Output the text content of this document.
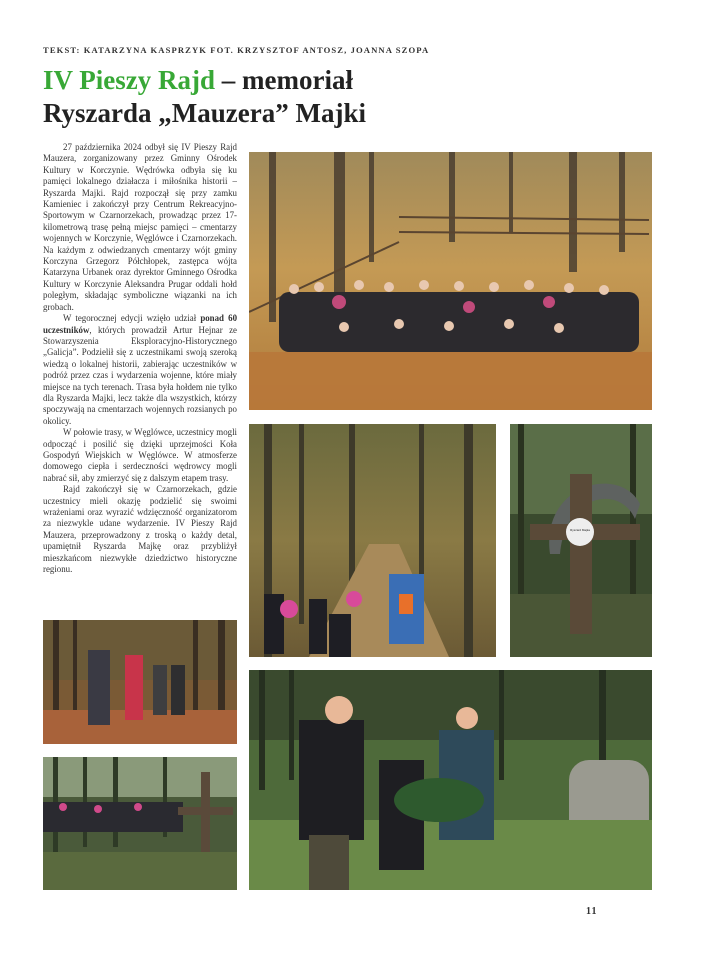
TEKST: KATARZYNA KASPRZYK FOT. KRZYSZTOF ANTOSZ, JOANNA SZOPA
IV Pieszy Rajd – memoriał
Ryszarda „Mauzera” Majki

27 października 2024 odbył się IV Pieszy Rajd Mauzera, zorganizowany przez Gminny Ośrodek Kultury w Korczynie. Wędrówka odbyła się ku pamięci lokalnego działacza i miłośnika historii – Ryszarda Majki. Rajd rozpoczął się przy zamku Kamieniec i zakończył przy Centrum Rekreacyjno-Sportowym w Czarnorzekach, prowadząc przez 17-kilometrową trasę pełną miejsc pamięci – cmentarzy wojennych w Korczynie, Węglówce i Czarnorzekach. Na każdym z odwiedzanych cmentarzy wójt gminy Korczyna Grzegorz Półchłopek, zastępca wójta Katarzyna Urbanek oraz dyrektor Gminnego Ośrodka Kultury w Korczynie Aleksandra Prugar oddali hołd poległym, składając symboliczne wiązanki na ich grobach.

W tegorocznej edycji wzięło udział ponad 60 uczestników, których prowadził Artur Hejnar ze Stowarzyszenia Eksploracyjno-Historycznego „Galicja”. Podzielił się z uczestnikami swoją szeroką wiedzą o lokalnej historii, zabierając uczestników w podróż przez czas i wydarzenia wojenne, które miały miejsce na tych terenach. Trasa była hołdem nie tylko dla Ryszarda Majki, lecz także dla wszystkich, którzy spoczywają na cmentarzach wojennych rozsianych po okolicy.

W połowie trasy, w Węglówce, uczestnicy mogli odpocząć i posilić się dzięki uprzejmości Koła Gospodyń Wiejskich w Węglówce. W atmosferze domowego ciepła i serdeczności wędrowcy mogli nabrać sił, aby zmierzyć się z dalszym etapem trasy.

Rajd zakończył się w Czarnorzekach, gdzie uczestnicy mieli okazję podzielić się swoimi wrażeniami oraz wyrazić wdzięczność organizatorom za niezwykle udane wydarzenie. IV Pieszy Rajd Mauzera, przeprowadzony z troską o każdy detal, upamiętnił Ryszarda Majkę oraz przybliżył mieszkańcom niezwykłe dziedzictwo historyczne regionu.

Ryszard Majka
11
